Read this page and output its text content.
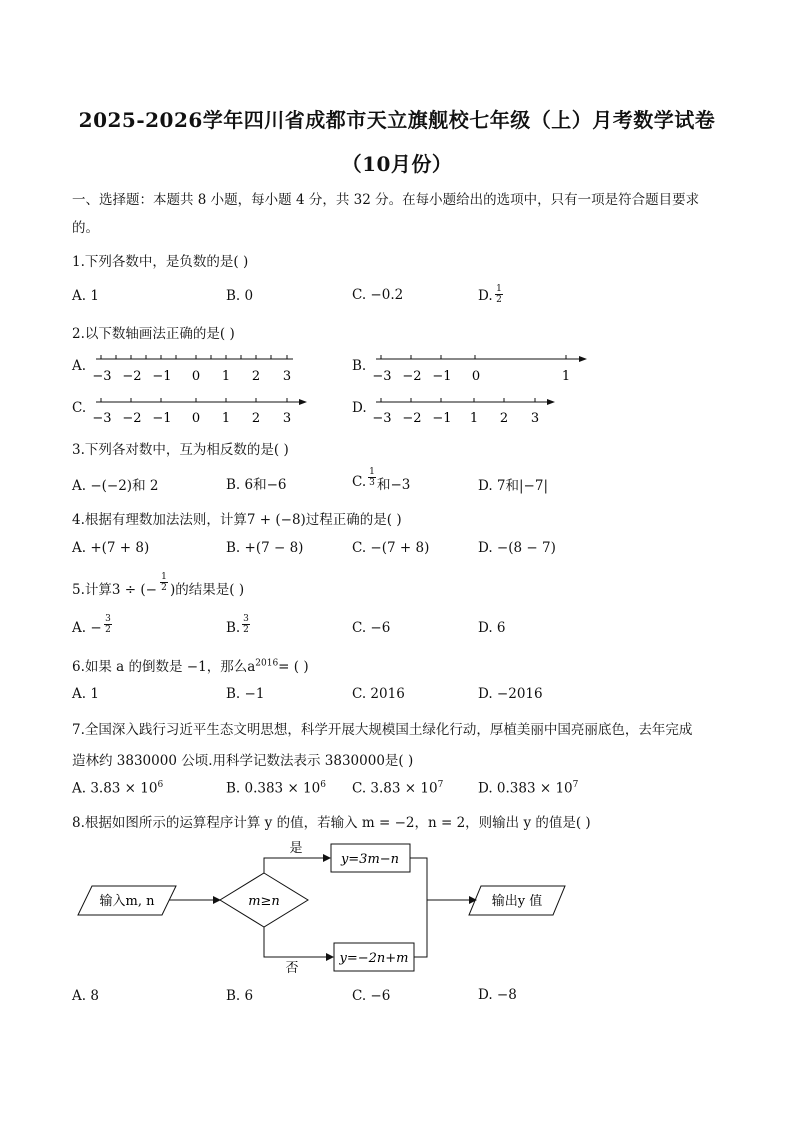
2025-2026学年四川省成都市天立旗舰校七年级（上）月考数学试卷
（10月份）
一、选择题：本题共 8 小题，每小题 4 分，共 32 分。在每小题给出的选项中，只有一项是符合题目要求
的。
1.下列各数中，是负数的是( )
A. 1	B. 0	C. −0.2	D. $\frac{1}{2}$
2.以下数轴画法正确的是( )
A.	B.
C.	D.
−3 −2 −1 0 1 2 3	−3 −2 −1 0	1
−3 −2 −1 0 1 2 3	−3 −2 −1 1 2 3
3.下列各对数中，互为相反数的是( )
A. −(−2)和 2	B. 6和−6	C. $\frac{1}{3}$ 和−3	D. 7和|−7|
4.根据有理数加法法则，计算7 + (−8)过程正确的是( )
A. +(7 + 8)	B. +(7 − 8)	C. −(7 + 8)	D. −(8 − 7)
5.计算3 ÷ (− $\frac{1}{2}$ )的结果是( )
A. − $\frac{3}{2}$	B. $\frac{3}{2}$	C. −6	D. 6
6.如果 a 的倒数是 −1，那么$a^{2016}=$ ( )
A. 1	B. −1	C. 2016	D. −2016
7.全国深入践行习近平生态文明思想，科学开展大规模国土绿化行动，厚植美丽中国亮丽底色，去年完成
造林约 3830000 公顷.用科学记数法表示 3830000是( )
A. $3.83 \times 10^6$	B. $0.383 \times 10^6$ C. $3.83 \times 10^7$	D. $0.383 \times 10^7$
8.根据如图所示的运算程序计算 y 的值，若输入 m = −2，n = 2，则输出 y 的值是( )
输入m, n	m≥n
是
y=3m−n
否
y=−2n+m
输出y 值
A. 8	B. 6	C. −6	D. −8
